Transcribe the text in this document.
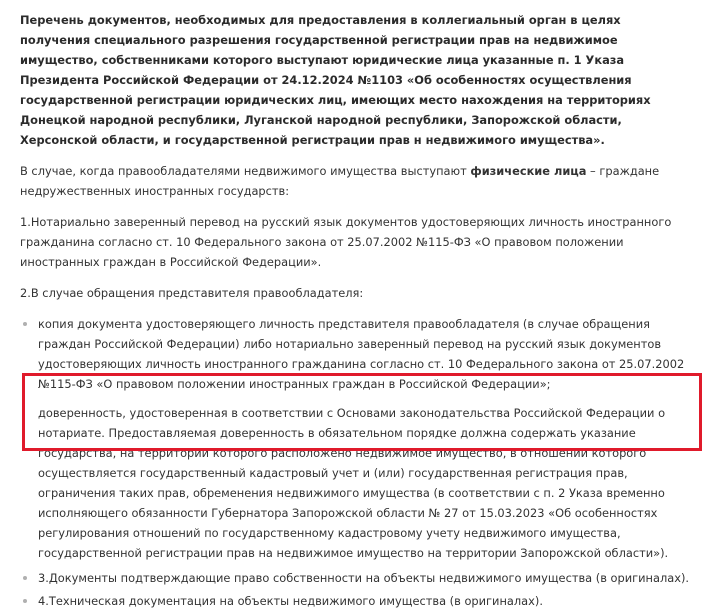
Перечень документов, необходимых для предоставления в коллегиальный орган в целях получения специального разрешения государственной регистрации прав на недвижимое имущество, собственниками которого выступают юридические лица указанные п. 1 Указа Президента Российской Федерации от 24.12.2024 №1103 «Об особенностях осуществления государственной регистрации юридических лиц, имеющих место нахождения на территориях Донецкой народной республики, Луганской народной республики, Запорожской области, Херсонской области, и государственной регистрации прав н недвижимого имущества».

В случае, когда правообладателями недвижимого имущества выступают физические лица – граждане недружественных иностранных государств:

1.Нотариально заверенный перевод на русский язык документов удостоверяющих личность иностранного гражданина согласно ст. 10 Федерального закона от 25.07.2002 №115-ФЗ «О правовом положении иностранных граждан в Российской Федерации».

2.В случае обращения представителя правообладателя:

копия документа удостоверяющего личность представителя правообладателя (в случае обращения граждан Российской Федерации) либо нотариально заверенный перевод на русский язык документов удостоверяющих личность иностранного гражданина согласно ст. 10 Федерального закона от 25.07.2002 №115-ФЗ «О правовом положении иностранных граждан в Российской Федерации»;
доверенность, удостоверенная в соответствии с Основами законодательства Российской Федерации о нотариате. Предоставляемая доверенность в обязательном порядке должна содержать указание государства, на территории которого расположено недвижимое имущество, в отношении которого осуществляется государственный кадастровый учет и (или) государственная регистрация прав, ограничения таких прав, обременения недвижимого имущества (в соответствии с п. 2 Указа временно исполняющего обязанности Губернатора Запорожской области № 27 от 15.03.2023 «Об особенностях регулирования отношений по государственному кадастровому учету недвижимого имущества, государственной регистрации прав на недвижимое имущество на территории Запорожской области»).
3.Документы подтверждающие право собственности на объекты недвижимого имущества (в оригиналах).
4.Техническая документация на объекты недвижимого имущества (в оригиналах).
